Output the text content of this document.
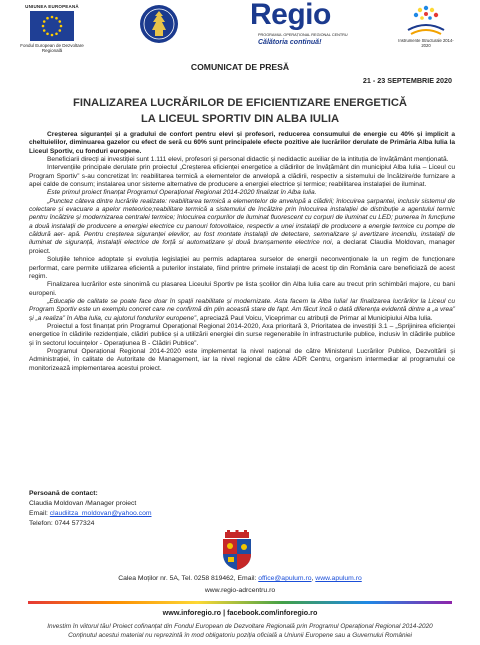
UNIUNEA EUROPEANĂ
Fondul European de Dezvoltare Regională
Regio
PROGRAMUL OPERAȚIONAL REGIONAL CENTRU
Călătoria continuă!	Instrumente Structurale 2014-2020
COMUNICAT DE PRESĂ
21 - 23 SEPTEMBRIE 2020
FINALIZAREA LUCRĂRILOR DE EFICIENTIZARE ENERGETICĂ
LA LICEUL SPORTIV DIN ALBA IULIA

Creșterea siguranței și a gradului de confort pentru elevi și profesori, reducerea consumului de energie cu 40% și implicit a cheltuielilor, diminuarea gazelor cu efect de seră cu 60% sunt principalele efecte pozitive ale lucrărilor derulate de Primăria Alba Iulia la Liceul Sportiv, cu fonduri europene.

Beneficiarii direcți ai investiției sunt 1.111 elevi, profesori și personal didactic și nedidactic auxiliar de la intituția de învățământ menționată.

Intervențiile principale derulate prin proiectul „Creșterea eficienței energetice a clădirilor de învățământ din municipiul Alba Iulia – Liceul cu Program Sportiv” s-au concretizat în: reabilitarea termică a elementelor de anvelopă a clădirii, respectiv a sistemului de încălzire/de furnizare a apei calde de consum; instalarea unor sisteme alternative de producere a energiei electrice și termice; reabilitarea instalației de iluminat.

Este primul proiect finanțat Programul Operațional Regional 2014-2020 finalizat în Alba Iulia.

„Punctez câteva dintre lucrările realizate: reabilitarea termică a elementelor de anvelopă a clădirii; înlocuirea șarpantei, inclusiv sistemul de colectare și evacuare a apelor meteorice;reabilitare termică a sistemului de încălzire prin înlocuirea instalației de distribuție a agentului termic pentru încălzire și modernizarea centralei termice; înlocuirea corpurilor de iluminat fluorescent cu corpuri de iluminat cu LED; punerea în funcțiune a două instalații de producere a energiei electrice cu panouri fotovoltaice, respectiv a unei instalații de producere a energie termice cu pompe de căldură aer- apă. Pentru creșterea siguranței elevilor, au fost montate instalații de detectare, semnalizare și avertizare incendiu, instalații de iluminat de siguranță, instalații electrice de forță si automatizare și două branșamente electrice noi, a declarat Claudia Moldovan, manager proiect.

Soluțiile tehnice adoptate și evoluția legislației au permis adaptarea surselor de energii neconvenționale la un regim de funcționare performat, care permite utilizarea eficientă a puterilor instalate, fiind printre primele instalații de acest tip din România care beneficiază de acest regim.

Finalizarea lucrărilor este sinonimă cu plasarea Liceului Sportiv pe lista școlilor din Alba Iulia care au trecut prin schimbări majore, cu bani europeni.

„Educație de calitate se poate face doar în spații reabilitate și modernizate. Asta facem la Alba Iulia! Iar finalizarea lucrărilor la Liceul cu Program Sportiv este un exemplu concret care ne confirmă din plin această stare de fapt. Am făcut încă o dată diferența evidentă dintre a „a vrea” și „a realiza” în Alba Iulia, cu ajutorul fondurilor europene”, apreciază Paul Voicu, Viceprimar cu atribuții de Primar al Municipiului Alba Iulia.

Proiectul a fost finanțat prin Programul Operațional Regional 2014-2020, Axa prioritară 3, Prioritatea de investiții 3.1 – „Sprijinirea eficienței energetice în clădirile rezidențiale, clădiri publice și a utilizării energiei din surse regenerabile în infrastructurile publice, inclusiv în clădirile publice și în sectorul locuințelor - Operațiunea B - Clădiri Publice”.

Programul Operațional Regional 2014-2020 este implementat la nivel național de către Ministerul Lucrărilor Publice, Dezvoltării și Administrației, în calitate de Autoritate de Management, iar la nivel regional de către ADR Centru, organism intermediar al programului ce monitorizează implementarea acestui proiect.

Persoană de contact:
Claudia Moldovan /Manager proiect
Email: claudiitza_moldovan@yahoo.com
Telefon: 0744 577324
Calea Moților nr. 5A, Tel. 0258 819462, Email: office@apulum.ro, www.apulum.ro
www.regio-adrcentru.ro
www.inforegio.ro | facebook.com/inforegio.ro
Investim în viitorul tău! Proiect cofinanțat din Fondul European de Dezvoltare Regională prin Programul Operațional Regional 2014-2020
Conținutul acestui material nu reprezintă în mod obligatoriu poziția oficială a Uniunii Europene sau a Guvernului României
